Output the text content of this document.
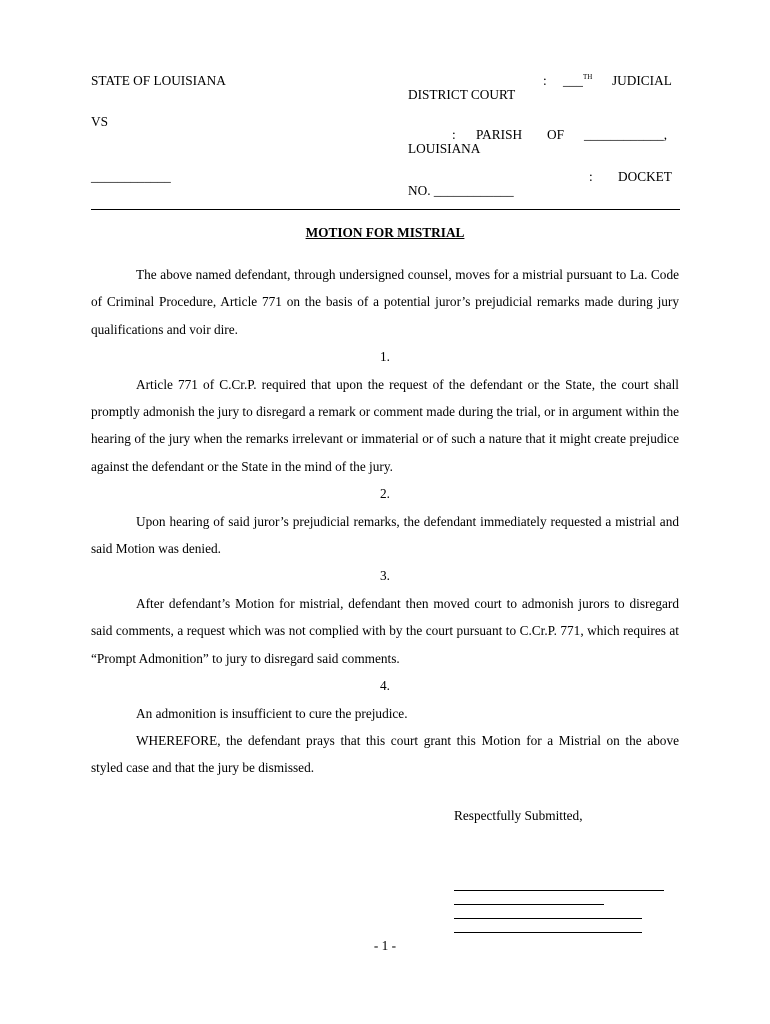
STATE OF LOUISIANA	: ___$^{TH}$ JUDICIAL
DISTRICT COURT
VS
: PARISH OF ____________,
LOUISIANA
____________	: DOCKET
NO. ____________
MOTION FOR MISTRIAL

The above named defendant, through undersigned counsel, moves for a mistrial pursuant to La. Code of Criminal Procedure, Article 771 on the basis of a potential juror’s prejudicial remarks made during jury qualifications and voir dire.

1.

Article 771 of C.Cr.P. required that upon the request of the defendant or the State, the court shall promptly admonish the jury to disregard a remark or comment made during the trial, or in argument within the hearing of the jury when the remarks irrelevant or immaterial or of such a nature that it might create prejudice against the defendant or the State in the mind of the jury.

2.

Upon hearing of said juror’s prejudicial remarks, the defendant immediately requested a mistrial and said Motion was denied.

3.

After defendant’s Motion for mistrial, defendant then moved court to admonish jurors to disregard said comments, a request which was not complied with by the court pursuant to C.Cr.P. 771, which requires at “Prompt Admonition” to jury to disregard said comments.

4.

An admonition is insufficient to cure the prejudice.

WHEREFORE, the defendant prays that this court grant this Motion for a Mistrial on the above styled case and that the jury be dismissed.

Respectfully Submitted,
- 1 -
